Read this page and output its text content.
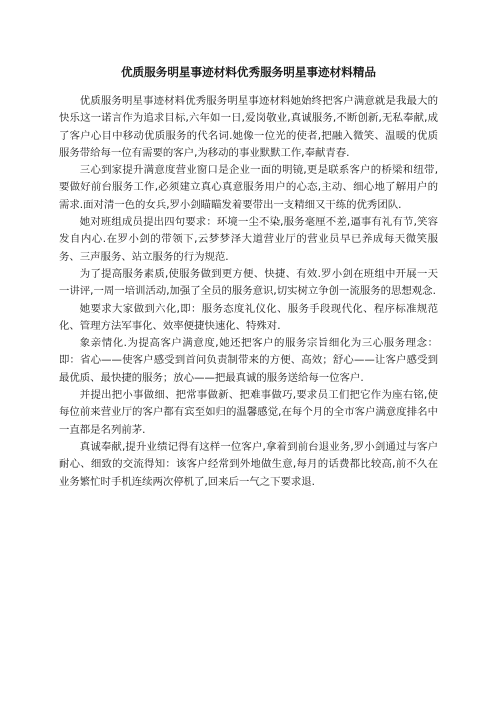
优质服务明星事迹材料优秀服务明星事迹材料精品

优质服务明星事迹材料优秀服务明星事迹材料她始终把客户满意就是我最大的快乐这一诺言作为追求目标,六年如一日,爱岗敬业,真诚服务,不断创新,无私奉献,成了客户心目中移动优质服务的代名词.她像一位光的使者,把融入微笑、温暖的优质服务带给每一位有需要的客户,为移动的事业默默工作,奉献青春.

三心到家提升满意度营业窗口是企业一面的明镜,更是联系客户的桥梁和纽带,要做好前台服务工作,必须建立真心真意服务用户的心态,主动、细心地了解用户的需求.面对清一色的女兵,罗小剑瞄瞄发着要带出一支精细又干练的优秀团队.

她对班组成员提出四句要求：环境一尘不染,服务毫厘不差,逼事有礼有节,笑容发自内心.在罗小剑的带领下,云梦梦泽大道营业厅的营业员早已养成每天微笑服务、三声服务、站立服务的行为规范.

为了提高服务素质,使服务做到更方便、快捷、有效.罗小剑在班组中开展一天一讲评,一周一培训活动,加强了全员的服务意识,切实树立争创一流服务的思想观念.

她要求大家做到六化,即：服务态度礼仪化、服务手段现代化、程序标准规范化、管理方法军事化、效率便捷快速化、特殊对.

象亲情化.为提高客户满意度,她还把客户的服务宗旨细化为三心服务理念：即：省心——使客户感受到首问负责制带来的方便、高效；舒心——让客户感受到最优质、最快捷的服务；放心——把最真诚的服务送给每一位客户.

并提出把小事做细、把常事做新、把难事做巧,要求员工们把它作为座右铭,使每位前来营业厅的客户都有宾至如归的温馨感觉,在每个月的全市客户满意度排名中一直都是名列前茅.

真诚奉献,提升业绩记得有这样一位客户,拿着到前台退业务,罗小剑通过与客户耐心、细致的交流得知：该客户经常到外地做生意,每月的话费都比较高,前不久在业务繁忙时手机连续两次停机了,回来后一气之下要求退.
